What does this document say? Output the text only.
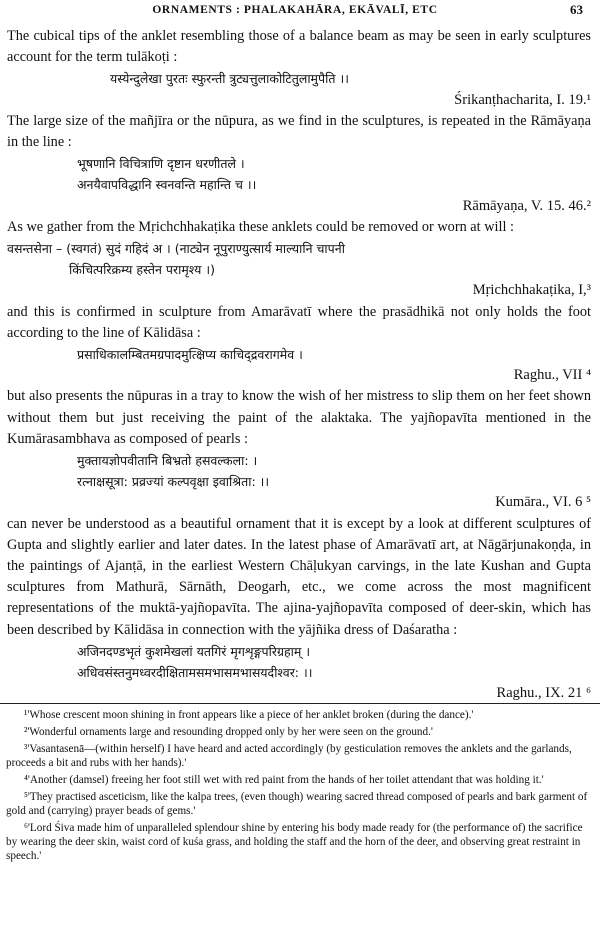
ORNAMENTS : PHALAKAHĀRA, EKĀVALĪ, ETC	63

The cubical tips of the anklet resembling those of a balance beam as may be seen in early sculptures account for the term tulākoṭi :

यस्येन्दुलेखा पुरतः स्फुरन्ती त्रुट्यत्तुलाकोटितुलामुपैति ।।
Śrikanṭhacharita, I. 19.¹

The large size of the mañjīra or the nūpura, as we find in the sculptures, is repeated in the Rāmāyaṇa in the line :

भूषणानि विचित्राणि दृष्टान धरणीतले ।
अनयैवापविद्धानि स्वनवन्ति महान्ति च ।।
Rāmāyaṇa, V. 15. 46.²

As we gather from the Mṛichchhakaṭika these anklets could be removed or worn at will :

वसन्तसेना – (स्वगतं) सुदं गहिदं अ । (नाट्येन नूपुराण्युत्सार्य माल्यानि चापनी
किंचित्परिक्रम्य हस्तेन परामृश्य ।)
Mṛichchhakaṭika, I,³

and this is confirmed in sculpture from Amarāvatī where the prasādhikā not only holds the foot according to the line of Kālidāsa :

प्रसाधिकालम्बितमग्रपादमुत्क्षिप्य काचिद्द्रवरागमेव ।
Raghu., VII ⁴

but also presents the nūpuras in a tray to know the wish of her mistress to slip them on her feet shown without them but just receiving the paint of the alaktaka. The yajñopavīta mentioned in the Kumārasambhava as composed of pearls :

मुक्तायज्ञोपवीतानि बिभ्रतो हसवल्कला: ।
रत्नाक्षसूत्रा: प्रव्रज्यां कल्पवृक्षा इवाश्रिता: ।।
Kumāra., VI. 6 ⁵

can never be understood as a beautiful ornament that it is except by a look at different sculptures of Gupta and slightly earlier and later dates. In the latest phase of Amarāvatī art, at Nāgārjunakoṇḍa, in the paintings of Ajanṭā, in the earliest Western Chāḷukyan carvings, in the late Kushan and Gupta sculptures from Mathurā, Sārnāth, Deogarh, etc., we come across the most magnificent representations of the muktā-yajñopavīta. The ajina-yajñopavīta composed of deer-skin, which has been described by Kālidāsa in connection with the yājñika dress of Daśaratha :

अजिनदण्डभृतं कुशमेखलां यतगिरं मृगशृङ्गपरिग्रहाम् ।
अधिवसंस्तनुमध्वरदीक्षितामसमभासमभासयदीश्वर: ।।
Raghu., IX. 21 ⁶

¹'Whose crescent moon shining in front appears like a piece of her anklet broken (during the dance).'

²'Wonderful ornaments large and resounding dropped only by her were seen on the ground.'

³'Vasantasenā—(within herself) I have heard and acted accordingly (by gesticulation removes the anklets and the garlands, proceeds a bit and rubs with her hands).'

⁴'Another (damsel) freeing her foot still wet with red paint from the hands of her toilet attendant that was holding it.'

⁵'They practised asceticism, like the kalpa trees, (even though) wearing sacred thread composed of pearls and bark garment of gold and (carrying) prayer beads of gems.'

⁶'Lord Śiva made him of unparalleled splendour shine by entering his body made ready for (the performance of) the sacrifice by wearing the deer skin, waist cord of kuśa grass, and holding the staff and the horn of the deer, and observing great restraint in speech.'
